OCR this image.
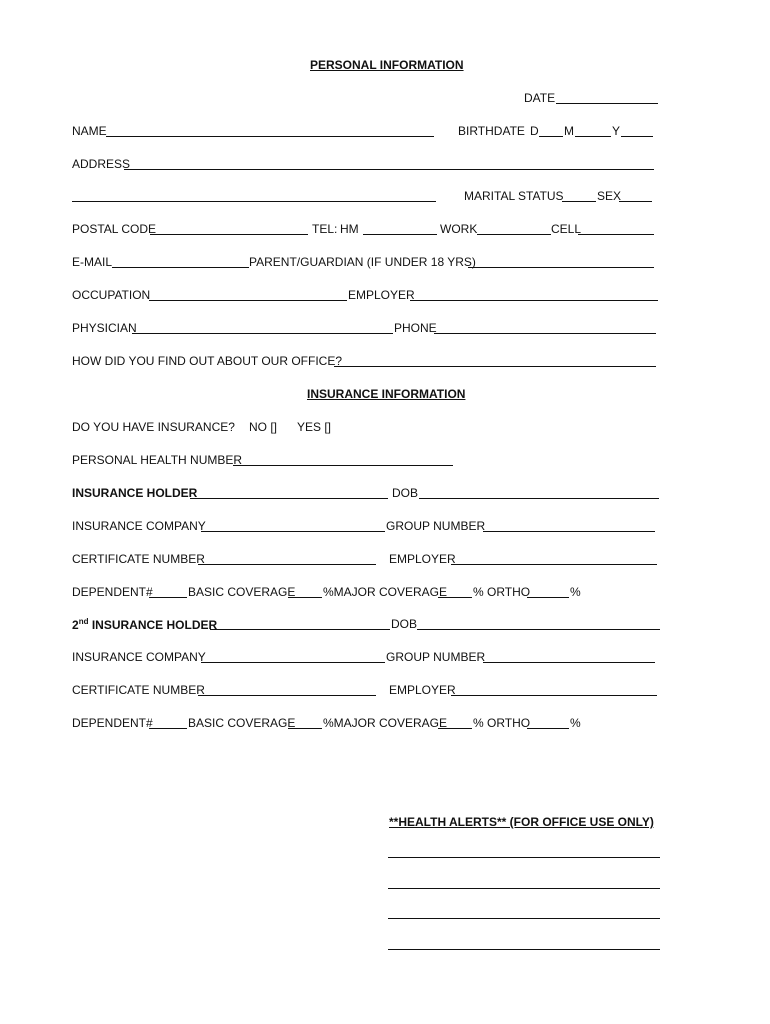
PERSONAL INFORMATION
DATE
NAME	BIRTHDATE D M	Y
ADDRESS
MARITAL STATUS	SEX
POSTAL CODE	TEL: HM	WORK	CELL
E-MAIL	PARENT/GUARDIAN (IF UNDER 18 YRS)
OCCUPATION	EMPLOYER
PHYSICIAN	PHONE
HOW DID YOU FIND OUT ABOUT OUR OFFICE?
INSURANCE INFORMATION
DO YOU HAVE INSURANCE? NO [] YES []
PERSONAL HEALTH NUMBER
INSURANCE HOLDER	DOB
INSURANCE COMPANY	GROUP NUMBER
CERTIFICATE NUMBER	EMPLOYER
DEPENDENT#	BASIC COVERAGE %MAJOR COVERAGE % ORTHO	%
2nd INSURANCE HOLDER	DOB
INSURANCE COMPANY	GROUP NUMBER
CERTIFICATE NUMBER	EMPLOYER
DEPENDENT#	BASIC COVERAGE %MAJOR COVERAGE % ORTHO	%
**HEALTH ALERTS** (FOR OFFICE USE ONLY)
